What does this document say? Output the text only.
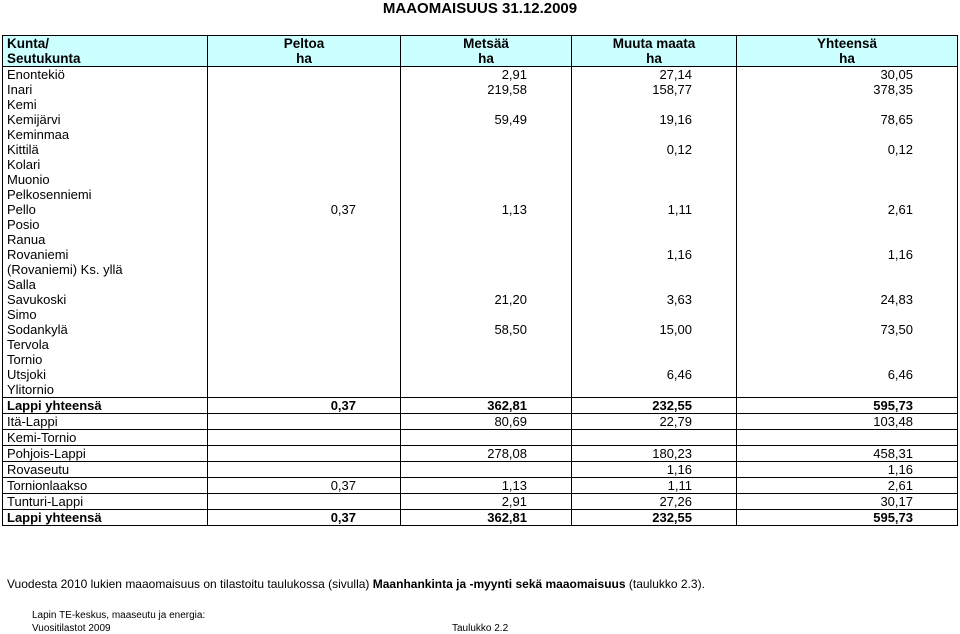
MAAOMAISUUS 31.12.2009
Kunta/	Peltoa	Metsää	Muuta maata	Yhteensä
Seutukunta	ha	ha	ha	ha
Enontekiö		2,91	27,14	30,05
Inari		219,58	158,77	378,35
Kemi				
Kemijärvi		59,49	19,16	78,65
Keminmaa				
Kittilä			0,12	0,12
Kolari				
Muonio				
Pelkosenniemi				
Pello	0,37	1,13	1,11	2,61
Posio				
Ranua				
Rovaniemi			1,16	1,16
(Rovaniemi) Ks. yllä				
Salla				
Savukoski		21,20	3,63	24,83
Simo				
Sodankylä		58,50	15,00	73,50
Tervola				
Tornio				
Utsjoki			6,46	6,46
Ylitornio				
Lappi yhteensä	0,37	362,81	232,55	595,73
Itä-Lappi		80,69	22,79	103,48
Kemi-Tornio				
Pohjois-Lappi		278,08	180,23	458,31
Rovaseutu			1,16	1,16
Tornionlaakso	0,37	1,13	1,11	2,61
Tunturi-Lappi		2,91	27,26	30,17
Lappi yhteensä	0,37	362,81	232,55	595,73
Vuodesta 2010 lukien maaomaisuus on tilastoitu taulukossa (sivulla) Maanhankinta ja -myynti sekä maaomaisuus (taulukko 2.3).
Lapin TE-keskus, maaseutu ja energia:
Vuositilastot 2009	Taulukko 2.2
